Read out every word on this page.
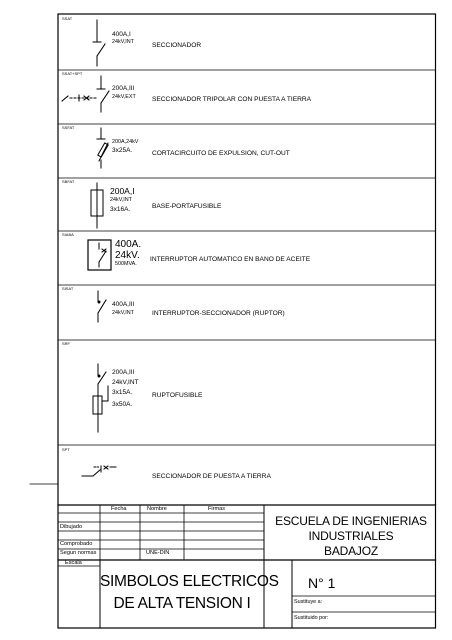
SSAT
400A,I
24kV,INT	SECCIONADOR
SSAT+SPT
200A,III
24kV,EXT SECCIONADOR TRIPOLAR CON PUESTA A TIERRA
SSFAT
200A,24kV
3x25A.	CORTACIRCUITO DE EXPULSION, CUT-OUT
SBFAT
200A,I
24kV,INT
3x16A.	BASE-PORTAFUSIBLE
SIABA
400A.
24kV.
500MVA.
INTERRUPTOR AUTOMATICO EN BANO DE ACEITE
SISAT
400A,III
24kV,INT	INTERRUPTOR-SECCIONADOR (RUPTOR)
SRF
200A,III
24kV,INT
3x15A.
3x50A.
RUPTOFUSIBLE
SPT
SECCIONADOR DE PUESTA A TIERRA
Fecha	Nombre	Firmas
Dibujado
Comprobado
Segun normas	UNE-DIN
ESCUELA DE INGENIERIAS
INDUSTRIALES
BADAJOZ
Escala
SIMBOLOS ELECTRICOS
DE ALTA TENSION I
N° 1
Sustituye a:
Sustituido por:
